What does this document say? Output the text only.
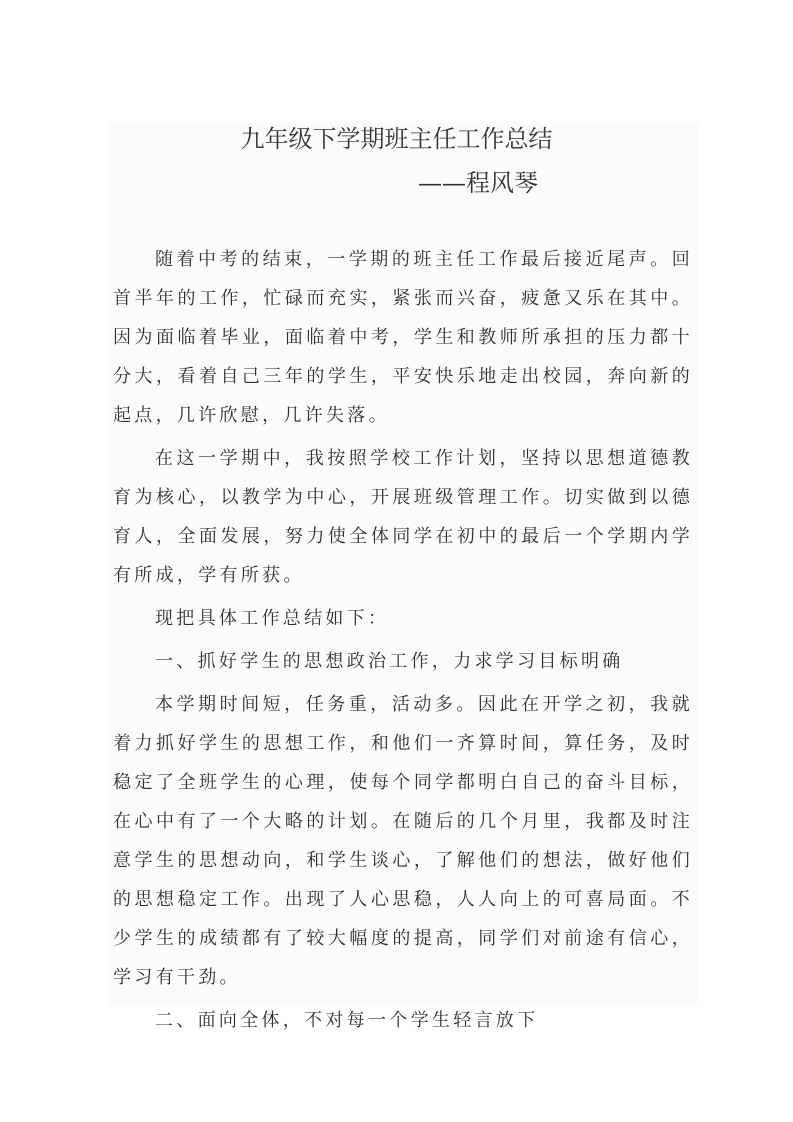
九年级下学期班主任工作总结
——程风琴

随着中考的结束，一学期的班主任工作最后接近尾声。回首半年的工作，忙碌而充实，紧张而兴奋，疲惫又乐在其中。因为面临着毕业，面临着中考，学生和教师所承担的压力都十分大，看着自己三年的学生，平安快乐地走出校园，奔向新的起点，几许欣慰，几许失落。

在这一学期中，我按照学校工作计划，坚持以思想道德教育为核心，以教学为中心，开展班级管理工作。切实做到以德育人，全面发展，努力使全体同学在初中的最后一个学期内学有所成，学有所获。

现把具体工作总结如下：

一、抓好学生的思想政治工作，力求学习目标明确

本学期时间短，任务重，活动多。因此在开学之初，我就着力抓好学生的思想工作，和他们一齐算时间，算任务，及时稳定了全班学生的心理，使每个同学都明白自己的奋斗目标，在心中有了一个大略的计划。在随后的几个月里，我都及时注意学生的思想动向，和学生谈心，了解他们的想法，做好他们的思想稳定工作。出现了人心思稳，人人向上的可喜局面。不少学生的成绩都有了较大幅度的提高，同学们对前途有信心，学习有干劲。

二、面向全体，不对每一个学生轻言放下
